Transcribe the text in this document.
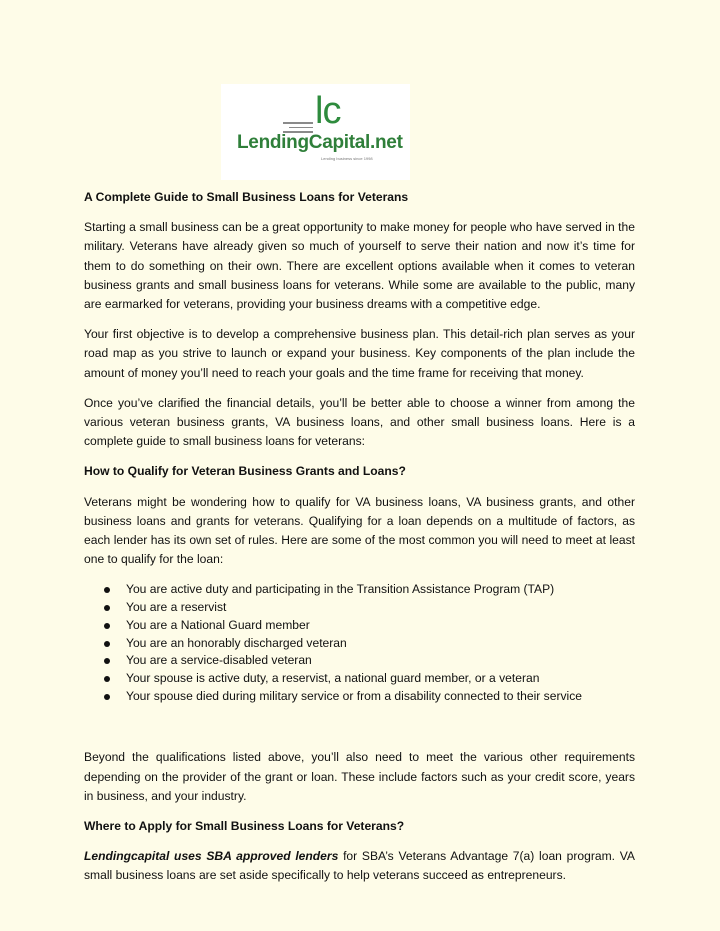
lc
LendingCapital.net
Lending business since 1998

A Complete Guide to Small Business Loans for Veterans

Starting a small business can be a great opportunity to make money for people who have served in the military. Veterans have already given so much of yourself to serve their nation and now it’s time for them to do something on their own. There are excellent options available when it comes to veteran business grants and small business loans for veterans. While some are available to the public, many are earmarked for veterans, providing your business dreams with a competitive edge.

Your first objective is to develop a comprehensive business plan. This detail-rich plan serves as your road map as you strive to launch or expand your business. Key components of the plan include the amount of money you’ll need to reach your goals and the time frame for receiving that money.

Once you’ve clarified the financial details, you’ll be better able to choose a winner from among the various veteran business grants, VA business loans, and other small business loans. Here is a complete guide to small business loans for veterans:

How to Qualify for Veteran Business Grants and Loans?

Veterans might be wondering how to qualify for VA business loans, VA business grants, and other business loans and grants for veterans. Qualifying for a loan depends on a multitude of factors, as each lender has its own set of rules. Here are some of the most common you will need to meet at least one to qualify for the loan:

You are active duty and participating in the Transition Assistance Program (TAP)
You are a reservist
You are a National Guard member
You are an honorably discharged veteran
You are a service-disabled veteran
Your spouse is active duty, a reservist, a national guard member, or a veteran
Your spouse died during military service or from a disability connected to their service

Beyond the qualifications listed above, you’ll also need to meet the various other requirements depending on the provider of the grant or loan. These include factors such as your credit score, years in business, and your industry.

Where to Apply for Small Business Loans for Veterans?

Lendingcapital uses SBA approved lenders for SBA’s Veterans Advantage 7(a) loan program. VA small business loans are set aside specifically to help veterans succeed as entrepreneurs.
